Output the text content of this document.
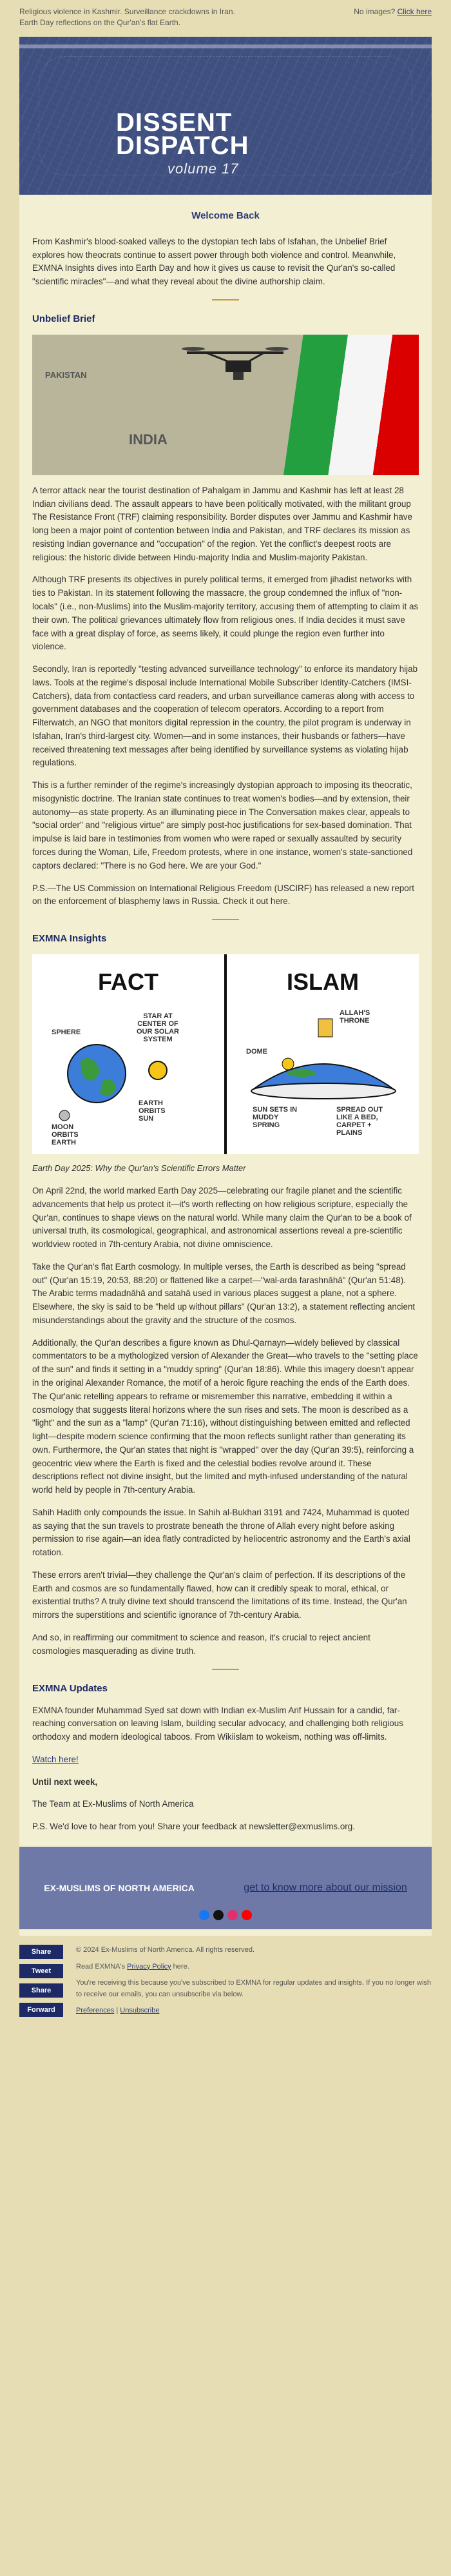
Religious violence in Kashmir. Surveillance crackdowns in Iran. Earth Day reflections on the Qur'an's flat Earth.
No images? Click here
DISSENT
DISPATCH
volume 17
Welcome Back

From Kashmir's blood-soaked valleys to the dystopian tech labs of Isfahan, the Unbelief Brief explores how theocrats continue to assert power through both violence and control. Meanwhile, EXMNA Insights dives into Earth Day and how it gives us cause to revisit the Qur'an's so-called "scientific miracles"—and what they reveal about the divine authorship claim.

Unbelief Brief
PAKISTAN
INDIA

A terror attack near the tourist destination of Pahalgam in Jammu and Kashmir has left at least 28 Indian civilians dead. The assault appears to have been politically motivated, with the militant group The Resistance Front (TRF) claiming responsibility. Border disputes over Jammu and Kashmir have long been a major point of contention between India and Pakistan, and TRF declares its mission as resisting Indian governance and "occupation" of the region. Yet the conflict's deepest roots are religious: the historic divide between Hindu-majority India and Muslim-majority Pakistan.

Although TRF presents its objectives in purely political terms, it emerged from jihadist networks with ties to Pakistan. In its statement following the massacre, the group condemned the influx of "non-locals" (i.e., non-Muslims) into the Muslim-majority territory, accusing them of attempting to claim it as their own. The political grievances ultimately flow from religious ones. If India decides it must save face with a great display of force, as seems likely, it could plunge the region even further into violence.

Secondly, Iran is reportedly "testing advanced surveillance technology" to enforce its mandatory hijab laws. Tools at the regime's disposal include International Mobile Subscriber Identity-Catchers (IMSI-Catchers), data from contactless card readers, and urban surveillance cameras along with access to government databases and the cooperation of telecom operators. According to a report from Filterwatch, an NGO that monitors digital repression in the country, the pilot program is underway in Isfahan, Iran's third-largest city. Women—and in some instances, their husbands or fathers—have received threatening text messages after being identified by surveillance systems as violating hijab regulations.

This is a further reminder of the regime's increasingly dystopian approach to imposing its theocratic, misogynistic doctrine. The Iranian state continues to treat women's bodies—and by extension, their autonomy—as state property. As an illuminating piece in The Conversation makes clear, appeals to "social order" and "religious virtue" are simply post-hoc justifications for sex-based domination. That impulse is laid bare in testimonies from women who were raped or sexually assaulted by security forces during the Woman, Life, Freedom protests, where in one instance, women's state-sanctioned captors declared: "There is no God here. We are your God."

P.S.—The US Commission on International Religious Freedom (USCIRF) has released a new report on the enforcement of blasphemy laws in Russia. Check it out here.

EXMNA Insights
FACT
STAR AT CENTER OF OUR SOLAR SYSTEM
SPHERE
MOON ORBITS EARTH
EARTH ORBITS SUN
ISLAM
ALLAH'S THRONE
DOME
SUN SETS IN MUDDY SPRING
SPREAD OUT LIKE A BED, CARPET + PLAINS
Earth Day 2025: Why the Qur'an's Scientific Errors Matter

On April 22nd, the world marked Earth Day 2025—celebrating our fragile planet and the scientific advancements that help us protect it—it's worth reflecting on how religious scripture, especially the Qur'an, continues to shape views on the natural world. While many claim the Qur'an to be a book of universal truth, its cosmological, geographical, and astronomical assertions reveal a pre-scientific worldview rooted in 7th-century Arabia, not divine omniscience.

Take the Qur'an's flat Earth cosmology. In multiple verses, the Earth is described as being "spread out" (Qur'an 15:19, 20:53, 88:20) or flattened like a carpet—"wal-arda farashnāhā" (Qur'an 51:48). The Arabic terms madadnāhā and satahā used in various places suggest a plane, not a sphere. Elsewhere, the sky is said to be "held up without pillars" (Qur'an 13:2), a statement reflecting ancient misunderstandings about the gravity and the structure of the cosmos.

Additionally, the Qur'an describes a figure known as Dhul-Qarnayn—widely believed by classical commentators to be a mythologized version of Alexander the Great—who travels to the "setting place of the sun" and finds it setting in a "muddy spring" (Qur'an 18:86). While this imagery doesn't appear in the original Alexander Romance, the motif of a heroic figure reaching the ends of the Earth does. The Qur'anic retelling appears to reframe or misremember this narrative, embedding it within a cosmology that suggests literal horizons where the sun rises and sets. The moon is described as a "light" and the sun as a "lamp" (Qur'an 71:16), without distinguishing between emitted and reflected light—despite modern science confirming that the moon reflects sunlight rather than generating its own. Furthermore, the Qur'an states that night is "wrapped" over the day (Qur'an 39:5), reinforcing a geocentric view where the Earth is fixed and the celestial bodies revolve around it. These descriptions reflect not divine insight, but the limited and myth-infused understanding of the natural world held by people in 7th-century Arabia.

Sahih Hadith only compounds the issue. In Sahih al-Bukhari 3191 and 7424, Muhammad is quoted as saying that the sun travels to prostrate beneath the throne of Allah every night before asking permission to rise again—an idea flatly contradicted by heliocentric astronomy and the Earth's axial rotation.

These errors aren't trivial—they challenge the Qur'an's claim of perfection. If its descriptions of the Earth and cosmos are so fundamentally flawed, how can it credibly speak to moral, ethical, or existential truths? A truly divine text should transcend the limitations of its time. Instead, the Qur'an mirrors the superstitions and scientific ignorance of 7th-century Arabia.

And so, in reaffirming our commitment to science and reason, it's crucial to reject ancient cosmologies masquerading as divine truth.

EXMNA Updates

EXMNA founder Muhammad Syed sat down with Indian ex-Muslim Arif Hussain for a candid, far-reaching conversation on leaving Islam, building secular advocacy, and challenging both religious orthodoxy and modern ideological taboos. From Wikiislam to wokeism, nothing was off-limits.

Watch here!

Until next week,

The Team at Ex-Muslims of North America

P.S. We'd love to hear from you! Share your feedback at newsletter@exmuslims.org.

EX-MUSLIMS OF NORTH AMERICA	get to know more about our mission
Share
Tweet
Share
Forward

© 2024 Ex-Muslims of North America. All rights reserved.

Read EXMNA's Privacy Policy here.

You're receiving this because you've subscribed to EXMNA for regular updates and insights. If you no longer wish to receive our emails, you can unsubscribe via below.

Preferences | Unsubscribe
